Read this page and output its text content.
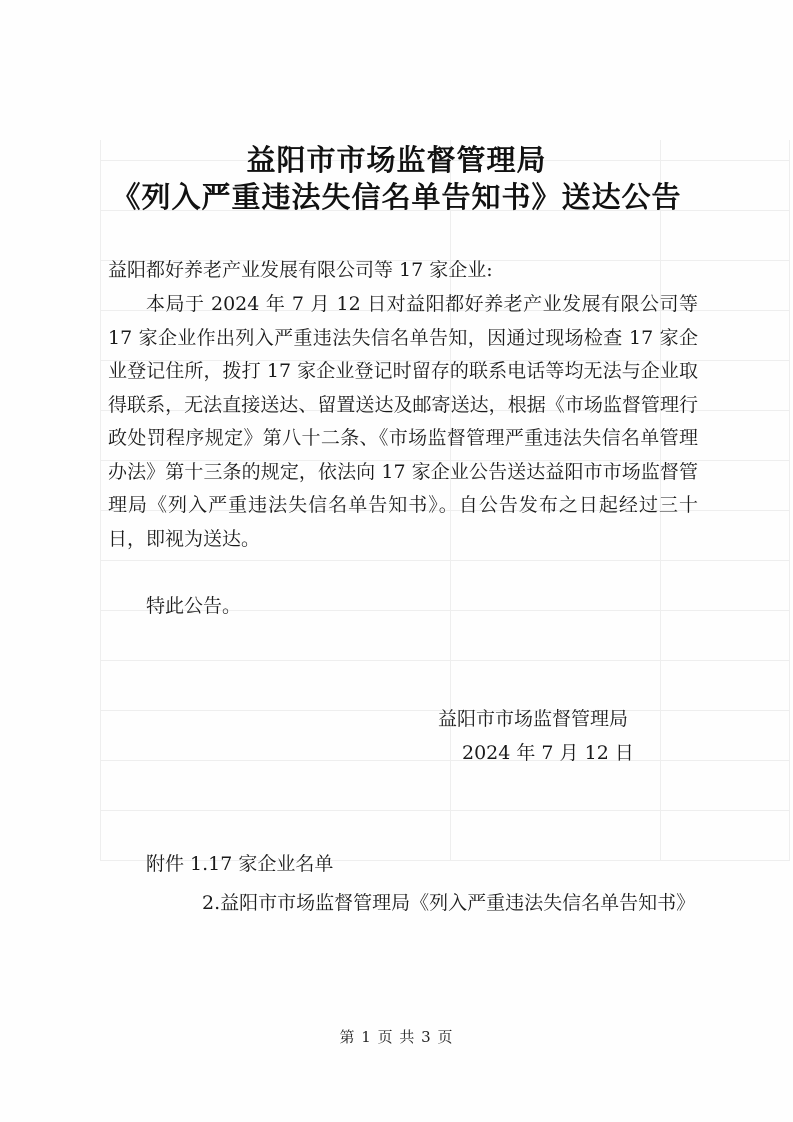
益阳市市场监督管理局
《列入严重违法失信名单告知书》送达公告
益阳都好养老产业发展有限公司等 17 家企业:
本局于 2024 年 7 月 12 日对益阳都好养老产业发展有限公司等 17 家企业作出列入严重违法失信名单告知，因通过现场检查 17 家企业登记住所，拨打 17 家企业登记时留存的联系电话等均无法与企业取得联系，无法直接送达、留置送达及邮寄送达，根据《市场监督管理行政处罚程序规定》第八十二条、《市场监督管理严重违法失信名单管理办法》第十三条的规定，依法向 17 家企业公告送达益阳市市场监督管理局《列入严重违法失信名单告知书》。自公告发布之日起经过三十日，即视为送达。
特此公告。
益阳市市场监督管理局
2024 年 7 月 12 日
附件 1.17 家企业名单
2.益阳市市场监督管理局《列入严重违法失信名单告知书》
第 1 页 共 3 页
